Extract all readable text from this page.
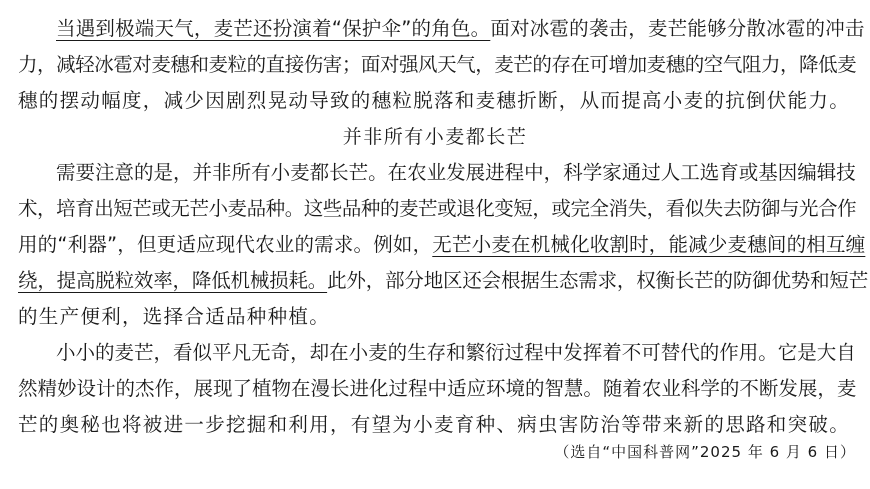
当遇到极端天气，麦芒还扮演着“保护伞”的角色。面对冰雹的袭击，麦芒能够分散冰雹的冲击
力，减轻冰雹对麦穗和麦粒的直接伤害；面对强风天气，麦芒的存在可增加麦穗的空气阻力，降低麦
穗的摆动幅度，减少因剧烈晃动导致的穗粒脱落和麦穗折断，从而提高小麦的抗倒伏能力。
并非所有小麦都长芒
需要注意的是，并非所有小麦都长芒。在农业发展进程中，科学家通过人工选育或基因编辑技
术，培育出短芒或无芒小麦品种。这些品种的麦芒或退化变短，或完全消失，看似失去防御与光合作
用的“利器”，但更适应现代农业的需求。例如，无芒小麦在机械化收割时，能减少麦穗间的相互缠
绕，提高脱粒效率，降低机械损耗。此外，部分地区还会根据生态需求，权衡长芒的防御优势和短芒
的生产便利，选择合适品种种植。
小小的麦芒，看似平凡无奇，却在小麦的生存和繁衍过程中发挥着不可替代的作用。它是大自
然精妙设计的杰作，展现了植物在漫长进化过程中适应环境的智慧。随着农业科学的不断发展，麦
芒的奥秘也将被进一步挖掘和利用，有望为小麦育种、病虫害防治等带来新的思路和突破。
（选自“中国科普网”2025 年 6 月 6 日）
